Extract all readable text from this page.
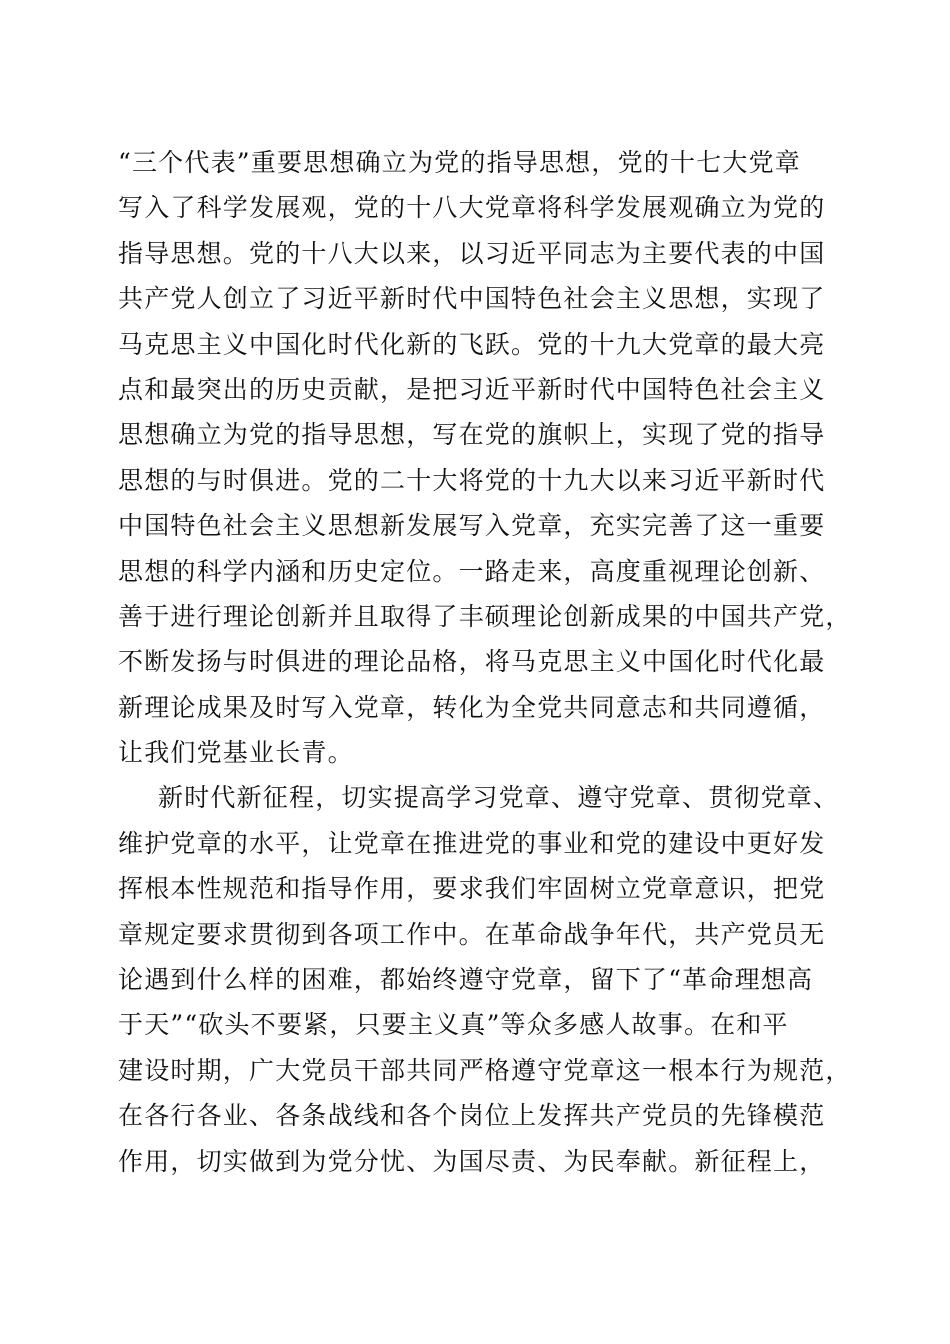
“三个代表”重要思想确立为党的指导思想，党的十七大党章
写入了科学发展观，党的十八大党章将科学发展观确立为党的
指导思想。党的十八大以来，以习近平同志为主要代表的中国
共产党人创立了习近平新时代中国特色社会主义思想，实现了
马克思主义中国化时代化新的飞跃。党的十九大党章的最大亮
点和最突出的历史贡献，是把习近平新时代中国特色社会主义
思想确立为党的指导思想，写在党的旗帜上，实现了党的指导
思想的与时俱进。党的二十大将党的十九大以来习近平新时代
中国特色社会主义思想新发展写入党章，充实完善了这一重要
思想的科学内涵和历史定位。一路走来，高度重视理论创新、
善于进行理论创新并且取得了丰硕理论创新成果的中国共产党，
不断发扬与时俱进的理论品格，将马克思主义中国化时代化最
新理论成果及时写入党章，转化为全党共同意志和共同遵循，
让我们党基业长青。
新时代新征程，切实提高学习党章、遵守党章、贯彻党章、
维护党章的水平，让党章在推进党的事业和党的建设中更好发
挥根本性规范和指导作用，要求我们牢固树立党章意识，把党
章规定要求贯彻到各项工作中。在革命战争年代，共产党员无
论遇到什么样的困难，都始终遵守党章，留下了“革命理想高
于天”“砍头不要紧，只要主义真”等众多感人故事。在和平
建设时期，广大党员干部共同严格遵守党章这一根本行为规范，
在各行各业、各条战线和各个岗位上发挥共产党员的先锋模范
作用，切实做到为党分忧、为国尽责、为民奉献。新征程上，
